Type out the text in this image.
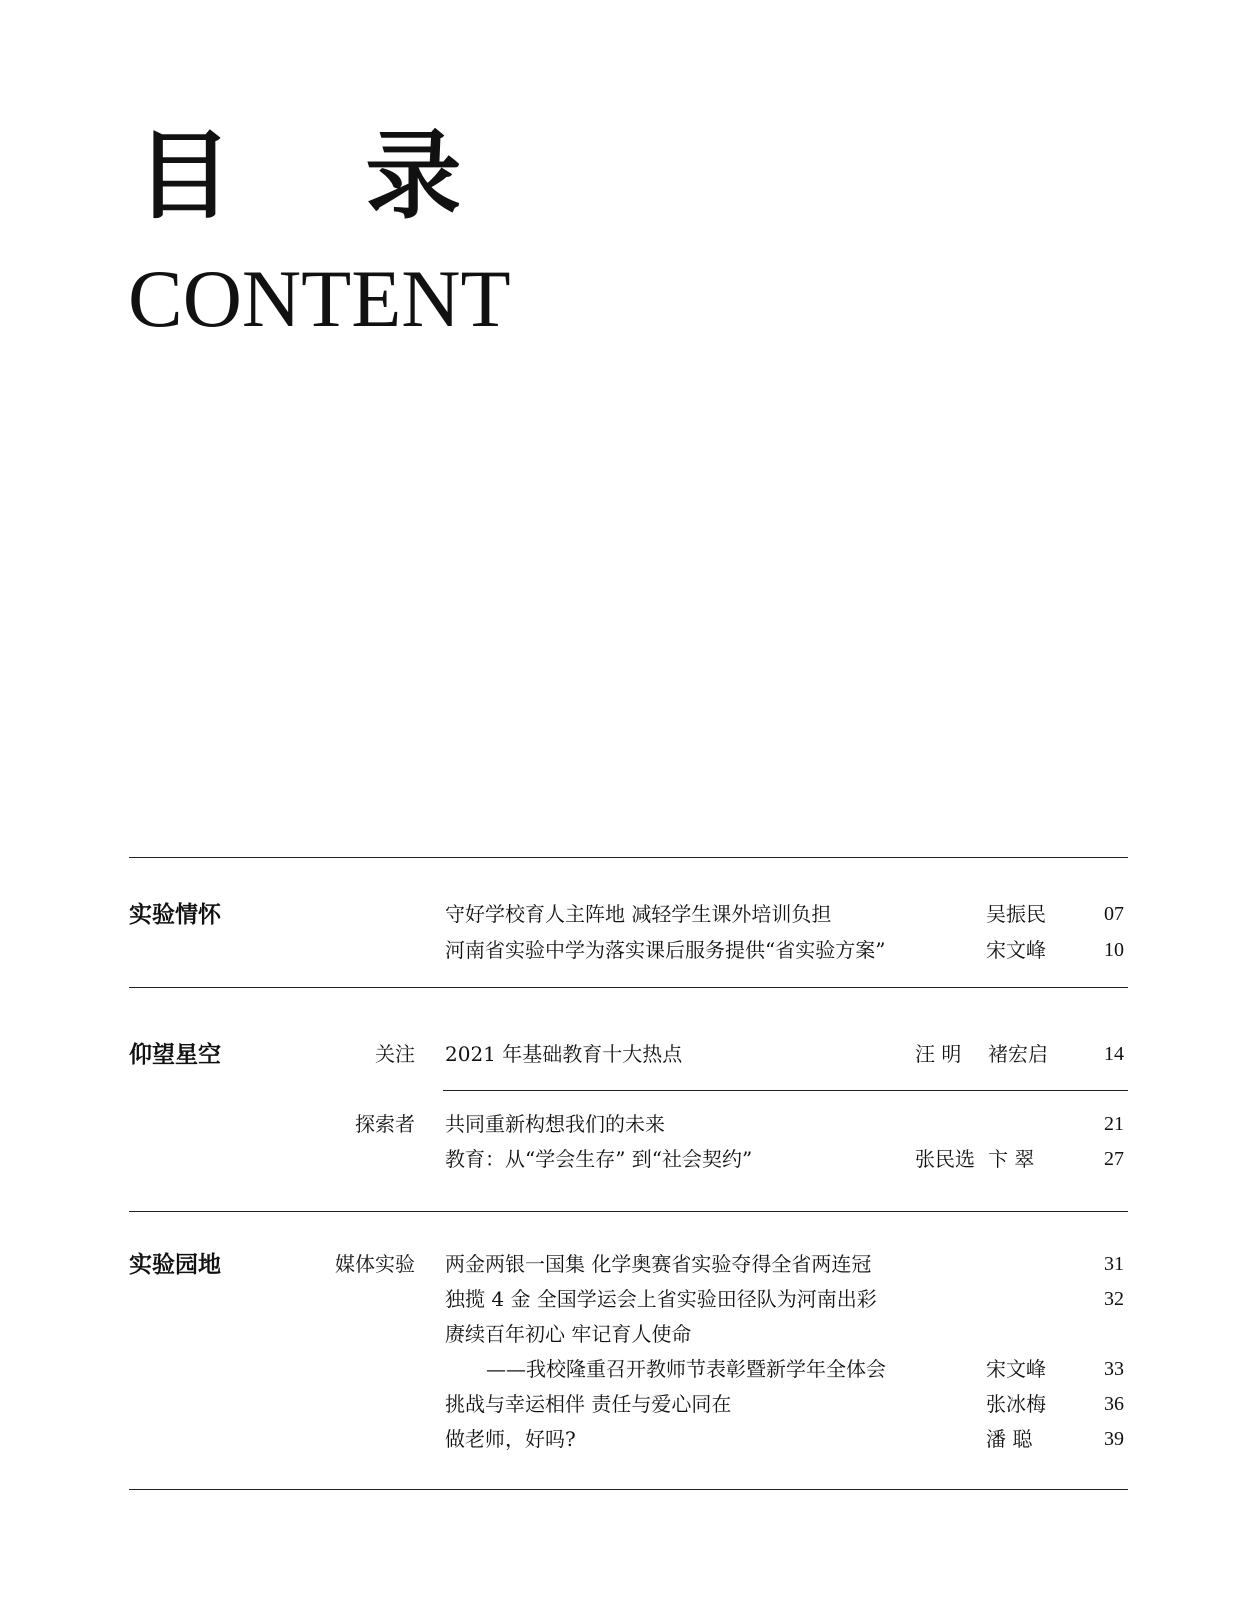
目 录
CONTENT
实验情怀	守好学校育人主阵地 减轻学生课外培训负担	吴振民	07
河南省实验中学为落实课后服务提供“省实验方案”	宋文峰	10
仰望星空	关注 2021 年基础教育十大热点	汪 明 褚宏启	14
探索者 共同重新构想我们的未来	21
教育：从“学会生存” 到“社会契约”	张民选 卞 翠	27
实验园地	媒体实验 两金两银一国集 化学奥赛省实验夺得全省两连冠	31
独揽 4 金 全国学运会上省实验田径队为河南出彩	32
赓续百年初心 牢记育人使命
——我校隆重召开教师节表彰暨新学年全体会	宋文峰	33
挑战与幸运相伴 责任与爱心同在	张冰梅	36
做老师，好吗?	潘 聪	39
